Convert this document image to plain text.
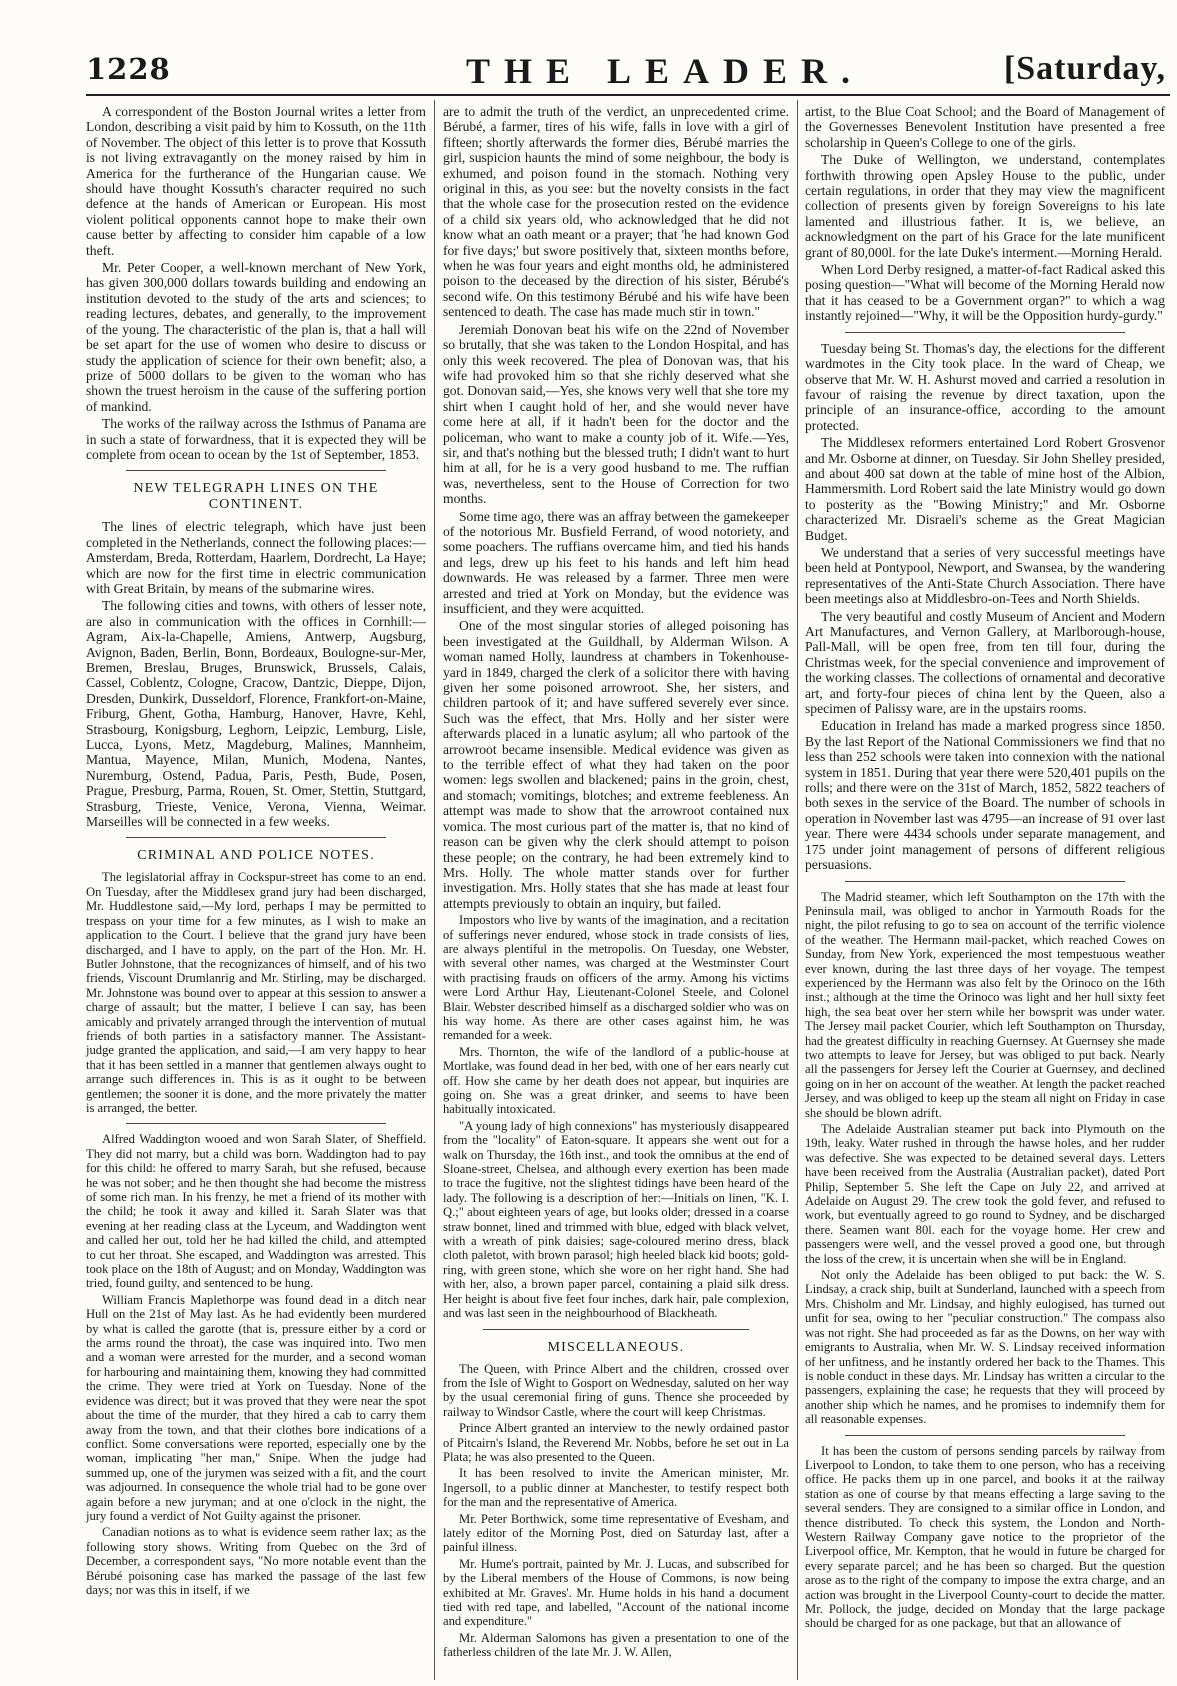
1228	THE LEADER.	[Saturday,

A correspondent of the Boston Journal writes a letter from London, describing a visit paid by him to Kossuth, on the 11th of November. The object of this letter is to prove that Kossuth is not living extravagantly on the money raised by him in America for the furtherance of the Hungarian cause. We should have thought Kossuth's character required no such defence at the hands of American or European. His most violent political opponents cannot hope to make their own cause better by affecting to consider him capable of a low theft.

Mr. Peter Cooper, a well-known merchant of New York, has given 300,000 dollars towards building and endowing an institution devoted to the study of the arts and sciences; to reading lectures, debates, and generally, to the improvement of the young. The characteristic of the plan is, that a hall will be set apart for the use of women who desire to discuss or study the application of science for their own benefit; also, a prize of 5000 dollars to be given to the woman who has shown the truest heroism in the cause of the suffering portion of mankind.

The works of the railway across the Isthmus of Panama are in such a state of forwardness, that it is expected they will be complete from ocean to ocean by the 1st of September, 1853.

NEW TELEGRAPH LINES ON THE CONTINENT.

The lines of electric telegraph, which have just been completed in the Netherlands, connect the following places:— Amsterdam, Breda, Rotterdam, Haarlem, Dordrecht, La Haye; which are now for the first time in electric communication with Great Britain, by means of the submarine wires.

The following cities and towns, with others of lesser note, are also in communication with the offices in Cornhill:—Agram, Aix-la-Chapelle, Amiens, Antwerp, Augsburg, Avignon, Baden, Berlin, Bonn, Bordeaux, Boulogne-sur-Mer, Bremen, Breslau, Bruges, Brunswick, Brussels, Calais, Cassel, Coblentz, Cologne, Cracow, Dantzic, Dieppe, Dijon, Dresden, Dunkirk, Dusseldorf, Florence, Frankfort-on-Maine, Friburg, Ghent, Gotha, Hamburg, Hanover, Havre, Kehl, Strasbourg, Konigsburg, Leghorn, Leipzic, Lemburg, Lisle, Lucca, Lyons, Metz, Magdeburg, Malines, Mannheim, Mantua, Mayence, Milan, Munich, Modena, Nantes, Nuremburg, Ostend, Padua, Paris, Pesth, Bude, Posen, Prague, Presburg, Parma, Rouen, St. Omer, Stettin, Stuttgard, Strasburg, Trieste, Venice, Verona, Vienna, Weimar. Marseilles will be connected in a few weeks.

CRIMINAL AND POLICE NOTES.

The legislatorial affray in Cockspur-street has come to an end. On Tuesday, after the Middlesex grand jury had been discharged, Mr. Huddlestone said,—My lord, perhaps I may be permitted to trespass on your time for a few minutes, as I wish to make an application to the Court. I believe that the grand jury have been discharged, and I have to apply, on the part of the Hon. Mr. H. Butler Johnstone, that the recognizances of himself, and of his two friends, Viscount Drumlanrig and Mr. Stirling, may be discharged. Mr. Johnstone was bound over to appear at this session to answer a charge of assault; but the matter, I believe I can say, has been amicably and privately arranged through the intervention of mutual friends of both parties in a satisfactory manner. The Assistant-judge granted the application, and said,—I am very happy to hear that it has been settled in a manner that gentlemen always ought to arrange such differences in. This is as it ought to be between gentlemen; the sooner it is done, and the more privately the matter is arranged, the better.

Alfred Waddington wooed and won Sarah Slater, of Sheffield. They did not marry, but a child was born. Waddington had to pay for this child: he offered to marry Sarah, but she refused, because he was not sober; and he then thought she had become the mistress of some rich man. In his frenzy, he met a friend of its mother with the child; he took it away and killed it. Sarah Slater was that evening at her reading class at the Lyceum, and Waddington went and called her out, told her he had killed the child, and attempted to cut her throat. She escaped, and Waddington was arrested. This took place on the 18th of August; and on Monday, Waddington was tried, found guilty, and sentenced to be hung.

William Francis Maplethorpe was found dead in a ditch near Hull on the 21st of May last. As he had evidently been murdered by what is called the garotte (that is, pressure either by a cord or the arms round the throat), the case was inquired into. Two men and a woman were arrested for the murder, and a second woman for harbouring and maintaining them, knowing they had committed the crime. They were tried at York on Tuesday. None of the evidence was direct; but it was proved that they were near the spot about the time of the murder, that they hired a cab to carry them away from the town, and that their clothes bore indications of a conflict. Some conversations were reported, especially one by the woman, implicating "her man," Snipe. When the judge had summed up, one of the jurymen was seized with a fit, and the court was adjourned. In consequence the whole trial had to be gone over again before a new juryman; and at one o'clock in the night, the jury found a verdict of Not Guilty against the prisoner.

Canadian notions as to what is evidence seem rather lax; as the following story shows. Writing from Quebec on the 3rd of December, a correspondent says, "No more notable event than the Bérubé poisoning case has marked the passage of the last few days; nor was this in itself, if we

are to admit the truth of the verdict, an unprecedented crime. Bérubé, a farmer, tires of his wife, falls in love with a girl of fifteen; shortly afterwards the former dies, Bérubé marries the girl, suspicion haunts the mind of some neighbour, the body is exhumed, and poison found in the stomach. Nothing very original in this, as you see: but the novelty consists in the fact that the whole case for the prosecution rested on the evidence of a child six years old, who acknowledged that he did not know what an oath meant or a prayer; that 'he had known God for five days;' but swore positively that, sixteen months before, when he was four years and eight months old, he administered poison to the deceased by the direction of his sister, Bérubé's second wife. On this testimony Bérubé and his wife have been sentenced to death. The case has made much stir in town."

Jeremiah Donovan beat his wife on the 22nd of November so brutally, that she was taken to the London Hospital, and has only this week recovered. The plea of Donovan was, that his wife had provoked him so that she richly deserved what she got. Donovan said,—Yes, she knows very well that she tore my shirt when I caught hold of her, and she would never have come here at all, if it hadn't been for the doctor and the policeman, who want to make a county job of it. Wife.—Yes, sir, and that's nothing but the blessed truth; I didn't want to hurt him at all, for he is a very good husband to me. The ruffian was, nevertheless, sent to the House of Correction for two months.

Some time ago, there was an affray between the gamekeeper of the notorious Mr. Busfield Ferrand, of wood notoriety, and some poachers. The ruffians overcame him, and tied his hands and legs, drew up his feet to his hands and left him head downwards. He was released by a farmer. Three men were arrested and tried at York on Monday, but the evidence was insufficient, and they were acquitted.

One of the most singular stories of alleged poisoning has been investigated at the Guildhall, by Alderman Wilson. A woman named Holly, laundress at chambers in Tokenhouse-yard in 1849, charged the clerk of a solicitor there with having given her some poisoned arrowroot. She, her sisters, and children partook of it; and have suffered severely ever since. Such was the effect, that Mrs. Holly and her sister were afterwards placed in a lunatic asylum; all who partook of the arrowroot became insensible. Medical evidence was given as to the terrible effect of what they had taken on the poor women: legs swollen and blackened; pains in the groin, chest, and stomach; vomitings, blotches; and extreme feebleness. An attempt was made to show that the arrowroot contained nux vomica. The most curious part of the matter is, that no kind of reason can be given why the clerk should attempt to poison these people; on the contrary, he had been extremely kind to Mrs. Holly. The whole matter stands over for further investigation. Mrs. Holly states that she has made at least four attempts previously to obtain an inquiry, but failed.

Impostors who live by wants of the imagination, and a recitation of sufferings never endured, whose stock in trade consists of lies, are always plentiful in the metropolis. On Tuesday, one Webster, with several other names, was charged at the Westminster Court with practising frauds on officers of the army. Among his victims were Lord Arthur Hay, Lieutenant-Colonel Steele, and Colonel Blair. Webster described himself as a discharged soldier who was on his way home. As there are other cases against him, he was remanded for a week.

Mrs. Thornton, the wife of the landlord of a public-house at Mortlake, was found dead in her bed, with one of her ears nearly cut off. How she came by her death does not appear, but inquiries are going on. She was a great drinker, and seems to have been habitually intoxicated.

"A young lady of high connexions" has mysteriously disappeared from the "locality" of Eaton-square. It appears she went out for a walk on Thursday, the 16th inst., and took the omnibus at the end of Sloane-street, Chelsea, and although every exertion has been made to trace the fugitive, not the slightest tidings have been heard of the lady. The following is a description of her:—Initials on linen, "K. I. Q.;" about eighteen years of age, but looks older; dressed in a coarse straw bonnet, lined and trimmed with blue, edged with black velvet, with a wreath of pink daisies; sage-coloured merino dress, black cloth paletot, with brown parasol; high heeled black kid boots; gold-ring, with green stone, which she wore on her right hand. She had with her, also, a brown paper parcel, containing a plaid silk dress. Her height is about five feet four inches, dark hair, pale complexion, and was last seen in the neighbourhood of Blackheath.

MISCELLANEOUS.

The Queen, with Prince Albert and the children, crossed over from the Isle of Wight to Gosport on Wednesday, saluted on her way by the usual ceremonial firing of guns. Thence she proceeded by railway to Windsor Castle, where the court will keep Christmas.

Prince Albert granted an interview to the newly ordained pastor of Pitcairn's Island, the Reverend Mr. Nobbs, before he set out in La Plata; he was also presented to the Queen.

It has been resolved to invite the American minister, Mr. Ingersoll, to a public dinner at Manchester, to testify respect both for the man and the representative of America.

Mr. Peter Borthwick, some time representative of Evesham, and lately editor of the Morning Post, died on Saturday last, after a painful illness.

Mr. Hume's portrait, painted by Mr. J. Lucas, and subscribed for by the Liberal members of the House of Commons, is now being exhibited at Mr. Graves'. Mr. Hume holds in his hand a document tied with red tape, and labelled, "Account of the national income and expenditure."

Mr. Alderman Salomons has given a presentation to one of the fatherless children of the late Mr. J. W. Allen,

artist, to the Blue Coat School; and the Board of Management of the Governesses Benevolent Institution have presented a free scholarship in Queen's College to one of the girls.

The Duke of Wellington, we understand, contemplates forthwith throwing open Apsley House to the public, under certain regulations, in order that they may view the magnificent collection of presents given by foreign Sovereigns to his late lamented and illustrious father. It is, we believe, an acknowledgment on the part of his Grace for the late munificent grant of 80,000l. for the late Duke's interment.—Morning Herald.

When Lord Derby resigned, a matter-of-fact Radical asked this posing question—"What will become of the Morning Herald now that it has ceased to be a Government organ?" to which a wag instantly rejoined—"Why, it will be the Opposition hurdy-gurdy."

Tuesday being St. Thomas's day, the elections for the different wardmotes in the City took place. In the ward of Cheap, we observe that Mr. W. H. Ashurst moved and carried a resolution in favour of raising the revenue by direct taxation, upon the principle of an insurance-office, according to the amount protected.

The Middlesex reformers entertained Lord Robert Grosvenor and Mr. Osborne at dinner, on Tuesday. Sir John Shelley presided, and about 400 sat down at the table of mine host of the Albion, Hammersmith. Lord Robert said the late Ministry would go down to posterity as the "Bowing Ministry;" and Mr. Osborne characterized Mr. Disraeli's scheme as the Great Magician Budget.

We understand that a series of very successful meetings have been held at Pontypool, Newport, and Swansea, by the wandering representatives of the Anti-State Church Association. There have been meetings also at Middlesbro-on-Tees and North Shields.

The very beautiful and costly Museum of Ancient and Modern Art Manufactures, and Vernon Gallery, at Marlborough-house, Pall-Mall, will be open free, from ten till four, during the Christmas week, for the special convenience and improvement of the working classes. The collections of ornamental and decorative art, and forty-four pieces of china lent by the Queen, also a specimen of Palissy ware, are in the upstairs rooms.

Education in Ireland has made a marked progress since 1850. By the last Report of the National Commissioners we find that no less than 252 schools were taken into connexion with the national system in 1851. During that year there were 520,401 pupils on the rolls; and there were on the 31st of March, 1852, 5822 teachers of both sexes in the service of the Board. The number of schools in operation in November last was 4795—an increase of 91 over last year. There were 4434 schools under separate management, and 175 under joint management of persons of different religious persuasions.

The Madrid steamer, which left Southampton on the 17th with the Peninsula mail, was obliged to anchor in Yarmouth Roads for the night, the pilot refusing to go to sea on account of the terrific violence of the weather. The Hermann mail-packet, which reached Cowes on Sunday, from New York, experienced the most tempestuous weather ever known, during the last three days of her voyage. The tempest experienced by the Hermann was also felt by the Orinoco on the 16th inst.; although at the time the Orinoco was light and her hull sixty feet high, the sea beat over her stern while her bowsprit was under water. The Jersey mail packet Courier, which left Southampton on Thursday, had the greatest difficulty in reaching Guernsey. At Guernsey she made two attempts to leave for Jersey, but was obliged to put back. Nearly all the passengers for Jersey left the Courier at Guernsey, and declined going on in her on account of the weather. At length the packet reached Jersey, and was obliged to keep up the steam all night on Friday in case she should be blown adrift.

The Adelaide Australian steamer put back into Plymouth on the 19th, leaky. Water rushed in through the hawse holes, and her rudder was defective. She was expected to be detained several days. Letters have been received from the Australia (Australian packet), dated Port Philip, September 5. She left the Cape on July 22, and arrived at Adelaide on August 29. The crew took the gold fever, and refused to work, but eventually agreed to go round to Sydney, and be discharged there. Seamen want 80l. each for the voyage home. Her crew and passengers were well, and the vessel proved a good one, but through the loss of the crew, it is uncertain when she will be in England.

Not only the Adelaide has been obliged to put back: the W. S. Lindsay, a crack ship, built at Sunderland, launched with a speech from Mrs. Chisholm and Mr. Lindsay, and highly eulogised, has turned out unfit for sea, owing to her "peculiar construction." The compass also was not right. She had proceeded as far as the Downs, on her way with emigrants to Australia, when Mr. W. S. Lindsay received information of her unfitness, and he instantly ordered her back to the Thames. This is noble conduct in these days. Mr. Lindsay has written a circular to the passengers, explaining the case; he requests that they will proceed by another ship which he names, and he promises to indemnify them for all reasonable expenses.

It has been the custom of persons sending parcels by railway from Liverpool to London, to take them to one person, who has a receiving office. He packs them up in one parcel, and books it at the railway station as one of course by that means effecting a large saving to the several senders. They are consigned to a similar office in London, and thence distributed. To check this system, the London and North-Western Railway Company gave notice to the proprietor of the Liverpool office, Mr. Kempton, that he would in future be charged for every separate parcel; and he has been so charged. But the question arose as to the right of the company to impose the extra charge, and an action was brought in the Liverpool County-court to decide the matter. Mr. Pollock, the judge, decided on Monday that the large package should be charged for as one package, but that an allowance of
